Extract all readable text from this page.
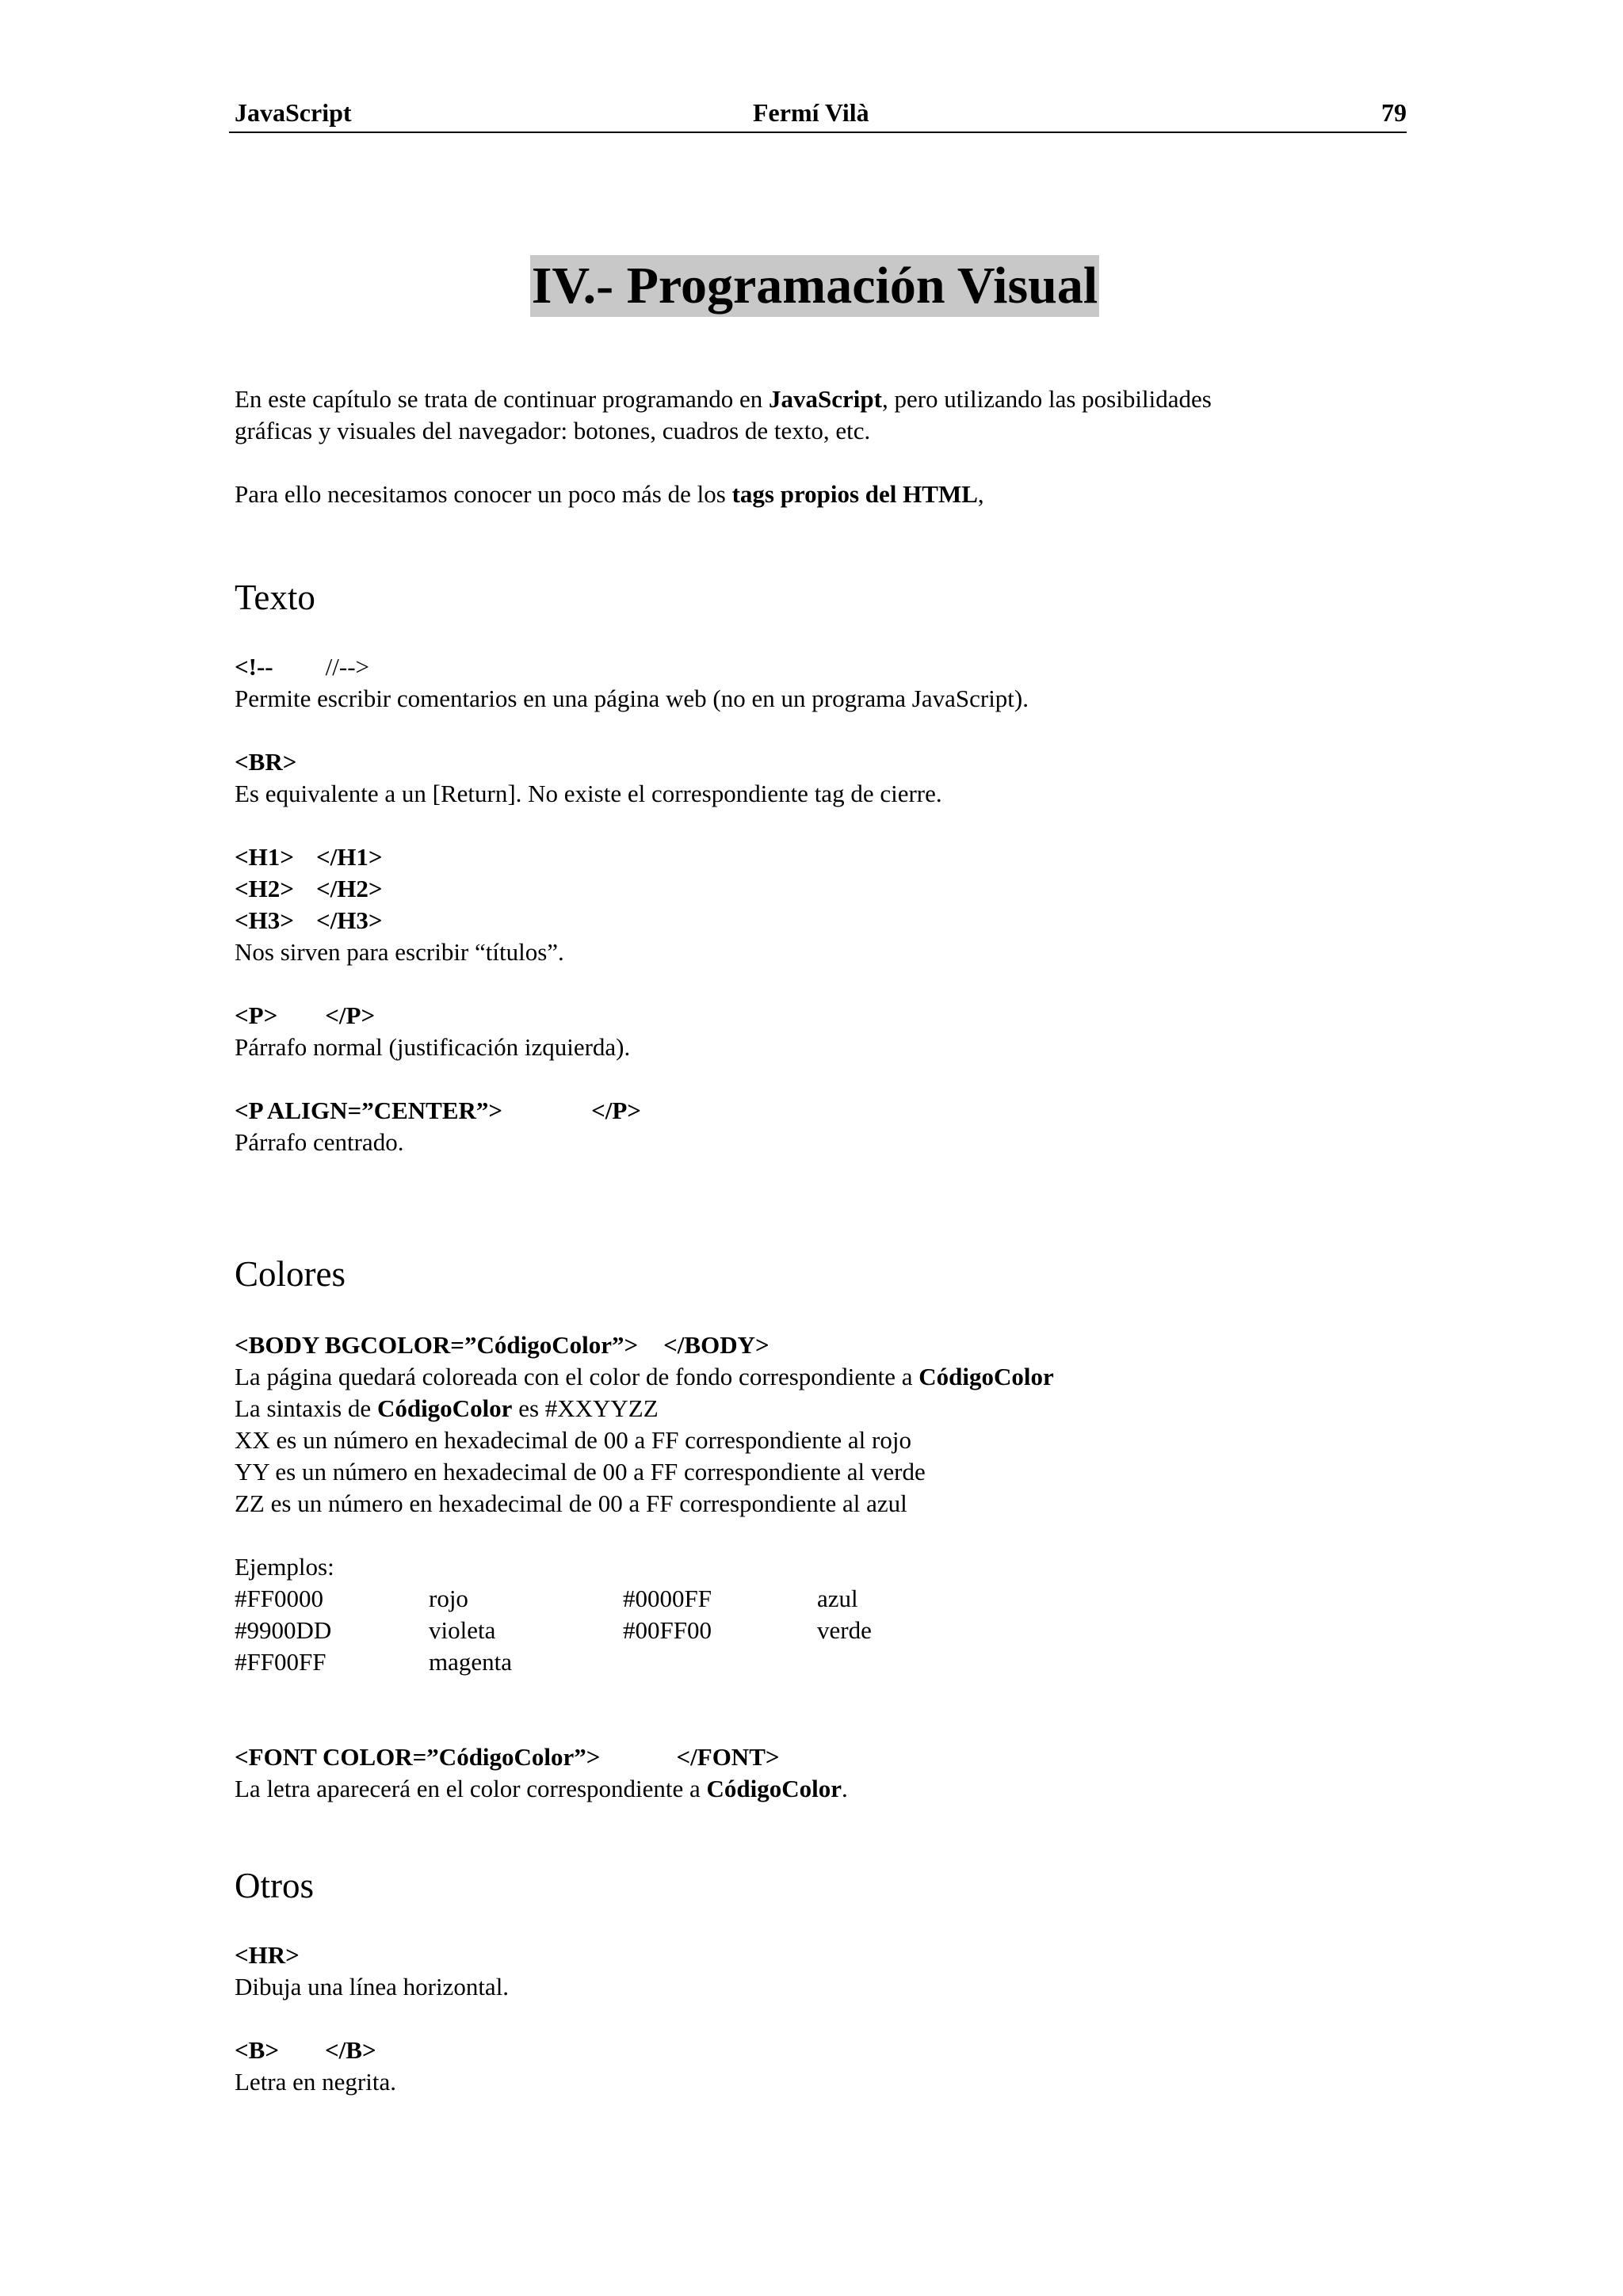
JavaScript	Fermí Vilà	79
IV.- Programación Visual
En este capítulo se trata de continuar programando en JavaScript, pero utilizando las posibilidades
gráficas y visuales del navegador: botones, cuadros de texto, etc.
Para ello necesitamos conocer un poco más de los tags propios del HTML,
Texto
<!-- //-->
Permite escribir comentarios en una página web (no en un programa JavaScript).
<BR>
Es equivalente a un [Return]. No existe el correspondiente tag de cierre.
<H1> </H1>
<H2> </H2>
<H3> </H3>
Nos sirven para escribir “títulos”.
<P> </P>
Párrafo normal (justificación izquierda).
<P ALIGN=”CENTER”>	</P>
Párrafo centrado.
Colores
<BODY BGCOLOR=”CódigoColor”> </BODY>
La página quedará coloreada con el color de fondo correspondiente a CódigoColor
La sintaxis de CódigoColor es #XXYYZZ
XX es un número en hexadecimal de 00 a FF correspondiente al rojo
YY es un número en hexadecimal de 00 a FF correspondiente al verde
ZZ es un número en hexadecimal de 00 a FF correspondiente al azul
Ejemplos:
#FF0000	rojo	#0000FF	azul
#9900DD	violeta	#00FF00	verde
#FF00FF	magenta
<FONT COLOR=”CódigoColor”>	</FONT>
La letra aparecerá en el color correspondiente a CódigoColor.
Otros
<HR>
Dibuja una línea horizontal.
<B> </B>
Letra en negrita.
